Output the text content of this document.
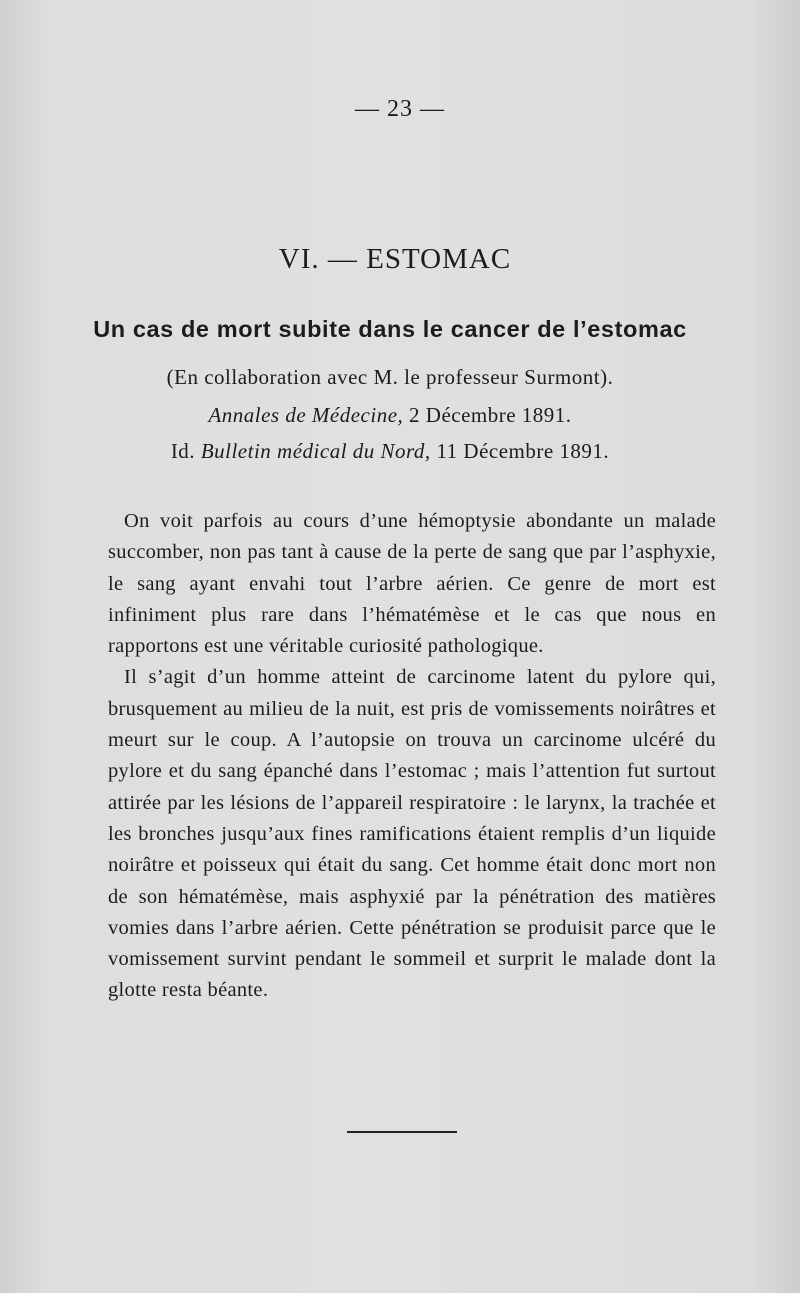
— 23 —
VI. — ESTOMAC
Un cas de mort subite dans le cancer de l’estomac
(En collaboration avec M. le professeur Surmont).
Annales de Médecine, 2 Décembre 1891.
Id. Bulletin médical du Nord, 11 Décembre 1891.

On voit parfois au cours d’une hémoptysie abondante un malade succomber, non pas tant à cause de la perte de sang que par l’asphyxie, le sang ayant envahi tout l’arbre aérien. Ce genre de mort est infiniment plus rare dans l’hématémèse et le cas que nous en rapportons est une véritable curiosité pathologique.

Il s’agit d’un homme atteint de carcinome latent du pylore qui, brusquement au milieu de la nuit, est pris de vomissements noirâtres et meurt sur le coup. A l’autopsie on trouva un carcinome ulcéré du pylore et du sang épanché dans l’estomac ; mais l’attention fut surtout attirée par les lésions de l’appareil respiratoire : le larynx, la trachée et les bronches jusqu’aux fines ramifications étaient remplis d’un liquide noirâtre et poisseux qui était du sang. Cet homme était donc mort non de son hématémèse, mais asphyxié par la pénétration des matières vomies dans l’arbre aérien. Cette pénétration se produisit parce que le vomissement survint pendant le sommeil et surprit le malade dont la glotte resta béante.
